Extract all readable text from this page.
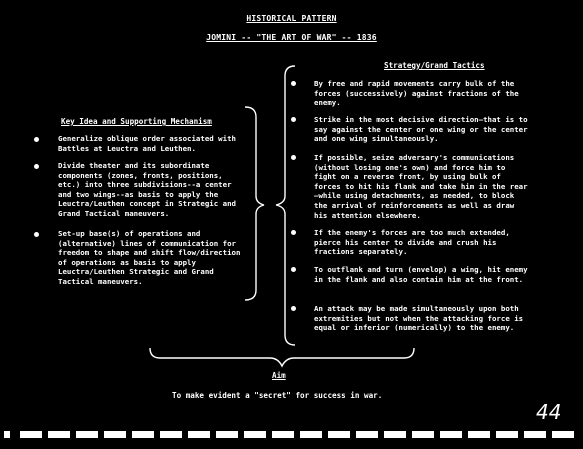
HISTORICAL PATTERN
JOMINI -- "THE ART OF WAR" -- 1836
Key Idea and Supporting Mechanism
Generalize oblique order associated with Battles at Leuctra and Leuthen.
Divide theater and its subordinate components (zones, fronts, positions, etc.) into three subdivisions--a center and two wings--as basis to apply the Leuctra/Leuthen concept in Strategic and Grand Tactical maneuvers.
Set-up base(s) of operations and (alternative) lines of communication for freedom to shape and shift flow/direction of operations as basis to apply Leuctra/Leuthen Strategic and Grand Tactical maneuvers.
Strategy/Grand Tactics
By free and rapid movements carry bulk of the forces (successively) against fractions of the enemy.
Strike in the most decisive direction—that is to say against the center or one wing or the center and one wing simultaneously.
If possible, seize adversary's communications (without losing one's own) and force him to fight on a reverse front, by using bulk of forces to hit his flank and take him in the rear—while using detachments, as needed, to block the arrival of reinforcements as well as draw his attention elsewhere.
If the enemy's forces are too much extended, pierce his center to divide and crush his fractions separately.
To outflank and turn (envelop) a wing, hit enemy in the flank and also contain him at the front.
An attack may be made simultaneously upon both extremities but not when the attacking force is equal or inferior (numerically) to the enemy.
Aim
To make evident a "secret" for success in war.
44
